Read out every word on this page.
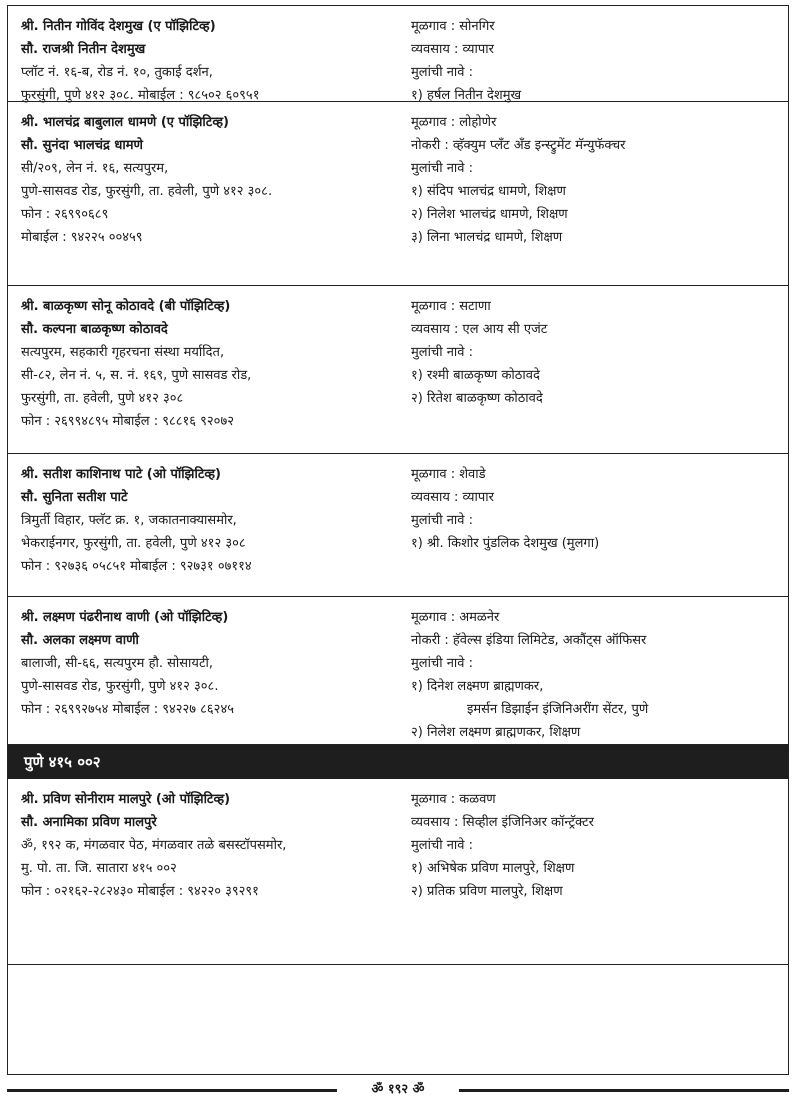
श्री. नितीन गोविंद देशमुख (ए पॉझिटिव्ह)
सौ. राजश्री नितीन देशमुख
प्लॉट नं. १६-ब, रोड नं. १०, तुकाई दर्शन,
फुरसुंगी, पुणे ४१२ ३०८. मोबाईल : ९८५०२ ६०९५१
मूळगाव : सोनगिर
व्यवसाय : व्यापार
मुलांची नावे :
१) हर्षल नितीन देशमुख
श्री. भालचंद्र बाबुलाल धामणे (ए पॉझिटिव्ह)
सौ. सुनंदा भालचंद्र धामणे
सी/२०९, लेन नं. १६, सत्यपुरम,
पुणे-सासवड रोड, फुरसुंगी, ता. हवेली, पुणे ४१२ ३०८.
फोन : २६९९०६८९
मोबाईल : ९४२२५ ००४५९
मूळगाव : लोहोणेर
नोकरी : व्हॅक्युम प्लँट अँड इन्स्ट्रुमेंट मॅन्युफॅक्चर
मुलांची नावे :
१) संदिप भालचंद्र धामणे, शिक्षण
२) निलेश भालचंद्र धामणे, शिक्षण
३) लिना भालचंद्र धामणे, शिक्षण
श्री. बाळकृष्ण सोनू कोठावदे (बी पॉझिटिव्ह)
सौ. कल्पना बाळकृष्ण कोठावदे
सत्यपुरम, सहकारी गृहरचना संस्था मर्यादित,
सी-८२, लेन नं. ५, स. नं. १६९, पुणे सासवड रोड,
फुरसुंगी, ता. हवेली, पुणे ४१२ ३०८
फोन : २६९९४८९५ मोबाईल : ९८८१६ ९२०७२
मूळगाव : सटाणा
व्यवसाय : एल आय सी एजंट
मुलांची नावे :
१) रश्मी बाळकृष्ण कोठावदे
२) रितेश बाळकृष्ण कोठावदे
श्री. सतीश काशिनाथ पाटे (ओ पॉझिटिव्ह)
सौ. सुनिता सतीश पाटे
त्रिमुर्ती विहार, फ्लॅट क्र. १, जकातनाक्यासमोर,
भेकराईनगर, फुरसुंगी, ता. हवेली, पुणे ४१२ ३०८
फोन : ९२७३६ ०५८५१ मोबाईल : ९२७३१ ०७११४
मूळगाव : शेवाडे
व्यवसाय : व्यापार
मुलांची नावे :
१) श्री. किशोर पुंडलिक देशमुख (मुलगा)
श्री. लक्ष्मण पंढरीनाथ वाणी (ओ पॉझिटिव्ह)
सौ. अलका लक्ष्मण वाणी
बालाजी, सी-६६, सत्यपुरम हौ. सोसायटी,
पुणे-सासवड रोड, फुरसुंगी, पुणे ४१२ ३०८.
फोन : २६९९२७५४ मोबाईल : ९४२२७ ८६२४५
मूळगाव : अमळनेर
नोकरी : हॅवेल्स इंडिया लिमिटेड, अकौंट्स ऑफिसर
मुलांची नावे :
१) दिनेश लक्ष्मण ब्राह्मणकर,
इमर्सन डिझाईन इंजिनिअरींग सेंटर, पुणे
२) निलेश लक्ष्मण ब्राह्मणकर, शिक्षण
पुणे ४१५ ००२
श्री. प्रविण सोनीराम मालपुरे (ओ पॉझिटिव्ह)
सौ. अनामिका प्रविण मालपुरे
ॐ, १९२ क, मंगळवार पेठ, मंगळवार तळे बसस्टॉपसमोर,
मु. पो. ता. जि. सातारा ४१५ ००२
फोन : ०२१६२-२८२४३० मोबाईल : ९४२२० ३९२९१
मूळगाव : कळवण
व्यवसाय : सिव्हील इंजिनिअर कॉन्ट्रॅक्टर
मुलांची नावे :
१) अभिषेक प्रविण मालपुरे, शिक्षण
२) प्रतिक प्रविण मालपुरे, शिक्षण
ॐ १९२ ॐ
